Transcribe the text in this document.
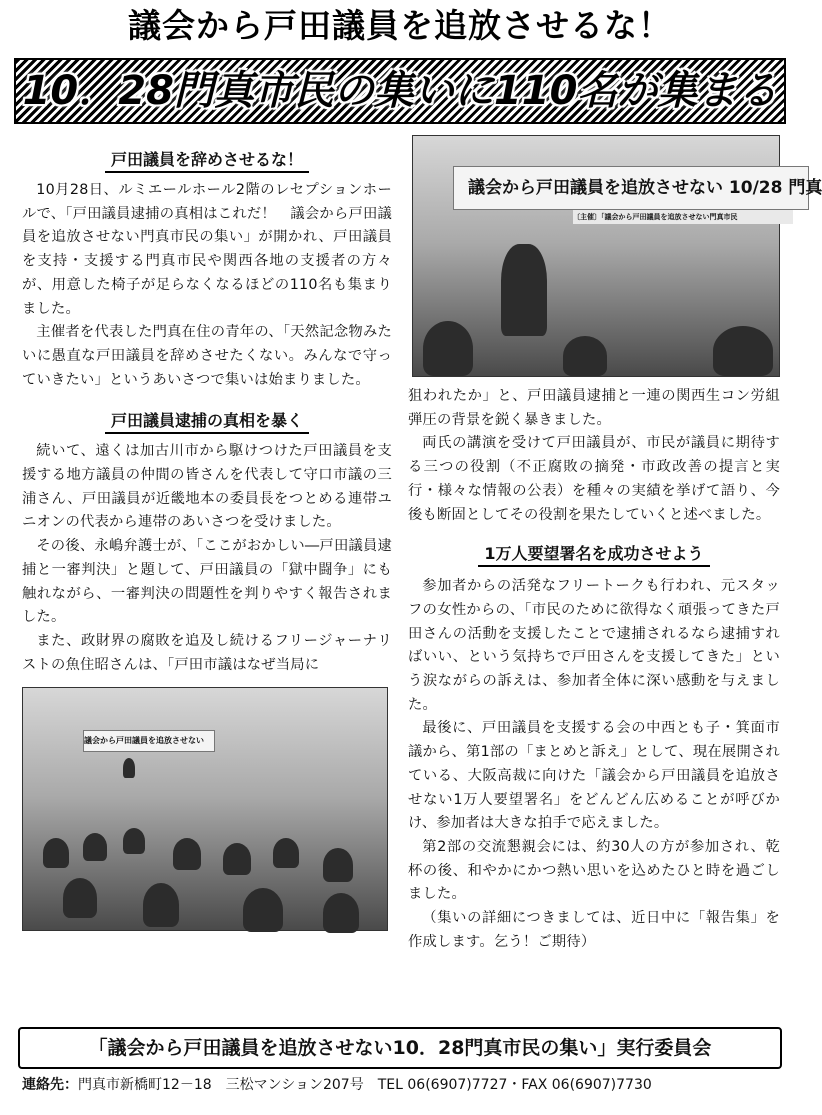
議会から戸田議員を追放させるな！
10．28門真市民の集いに110名が集まる
戸田議員を辞めさせるな！

10月28日、ルミエールホール2階のレセプションホールで、「戸田議員逮捕の真相はこれだ！　議会から戸田議員を追放させない門真市民の集い」が開かれ、戸田議員を支持・支援する門真市民や関西各地の支援者の方々が、用意した椅子が足らなくなるほどの110名も集まりました。

主催者を代表した門真在住の青年の、「天然記念物みたいに愚直な戸田議員を辞めさせたくない。みんなで守っていきたい」というあいさつで集いは始まりました。

戸田議員逮捕の真相を暴く

続いて、遠くは加古川市から駆けつけた戸田議員を支援する地方議員の仲間の皆さんを代表して守口市議の三浦さん、戸田議員が近畿地本の委員長をつとめる連帯ユニオンの代表から連帯のあいさつを受けました。

その後、永嶋弁護士が、「ここがおかしい―戸田議員逮捕と一審判決」と題して、戸田議員の「獄中闘争」にも触れながら、一審判決の問題性を判りやすく報告されました。

また、政財界の腐敗を追及し続けるフリージャーナリストの魚住昭さんは、「戸田市議はなぜ当局に

議会から戸田議員を追放させない
議会から戸田議員を追放させない 10/28 門真
〔主催〕「議会から戸田議員を追放させない門真市民

狙われたか」と、戸田議員逮捕と一連の関西生コン労組弾圧の背景を鋭く暴きました。

両氏の講演を受けて戸田議員が、市民が議員に期待する三つの役割（不正腐敗の摘発・市政改善の提言と実行・様々な情報の公表）を種々の実績を挙げて語り、今後も断固としてその役割を果たしていくと述べました。

1万人要望署名を成功させよう

参加者からの活発なフリートークも行われ、元スタッフの女性からの、「市民のために欲得なく頑張ってきた戸田さんの活動を支援したことで逮捕されるなら逮捕すればいい、という気持ちで戸田さんを支援してきた」という涙ながらの訴えは、参加者全体に深い感動を与えました。

最後に、戸田議員を支援する会の中西とも子・箕面市議から、第1部の「まとめと訴え」として、現在展開されている、大阪高裁に向けた「議会から戸田議員を追放させない1万人要望署名」をどんどん広めることが呼びかけ、参加者は大きな拍手で応えました。

第2部の交流懇親会には、約30人の方が参加され、乾杯の後、和やかにかつ熱い思いを込めたひと時を過ごしました。

（集いの詳細につきましては、近日中に「報告集」を作成します。乞う！ご期待）

「議会から戸田議員を追放させない10．28門真市民の集い」実行委員会
連絡先：門真市新橋町12－18　三松マンション207号　 TEL 06(6907)7727・FAX 06(6907)7730
